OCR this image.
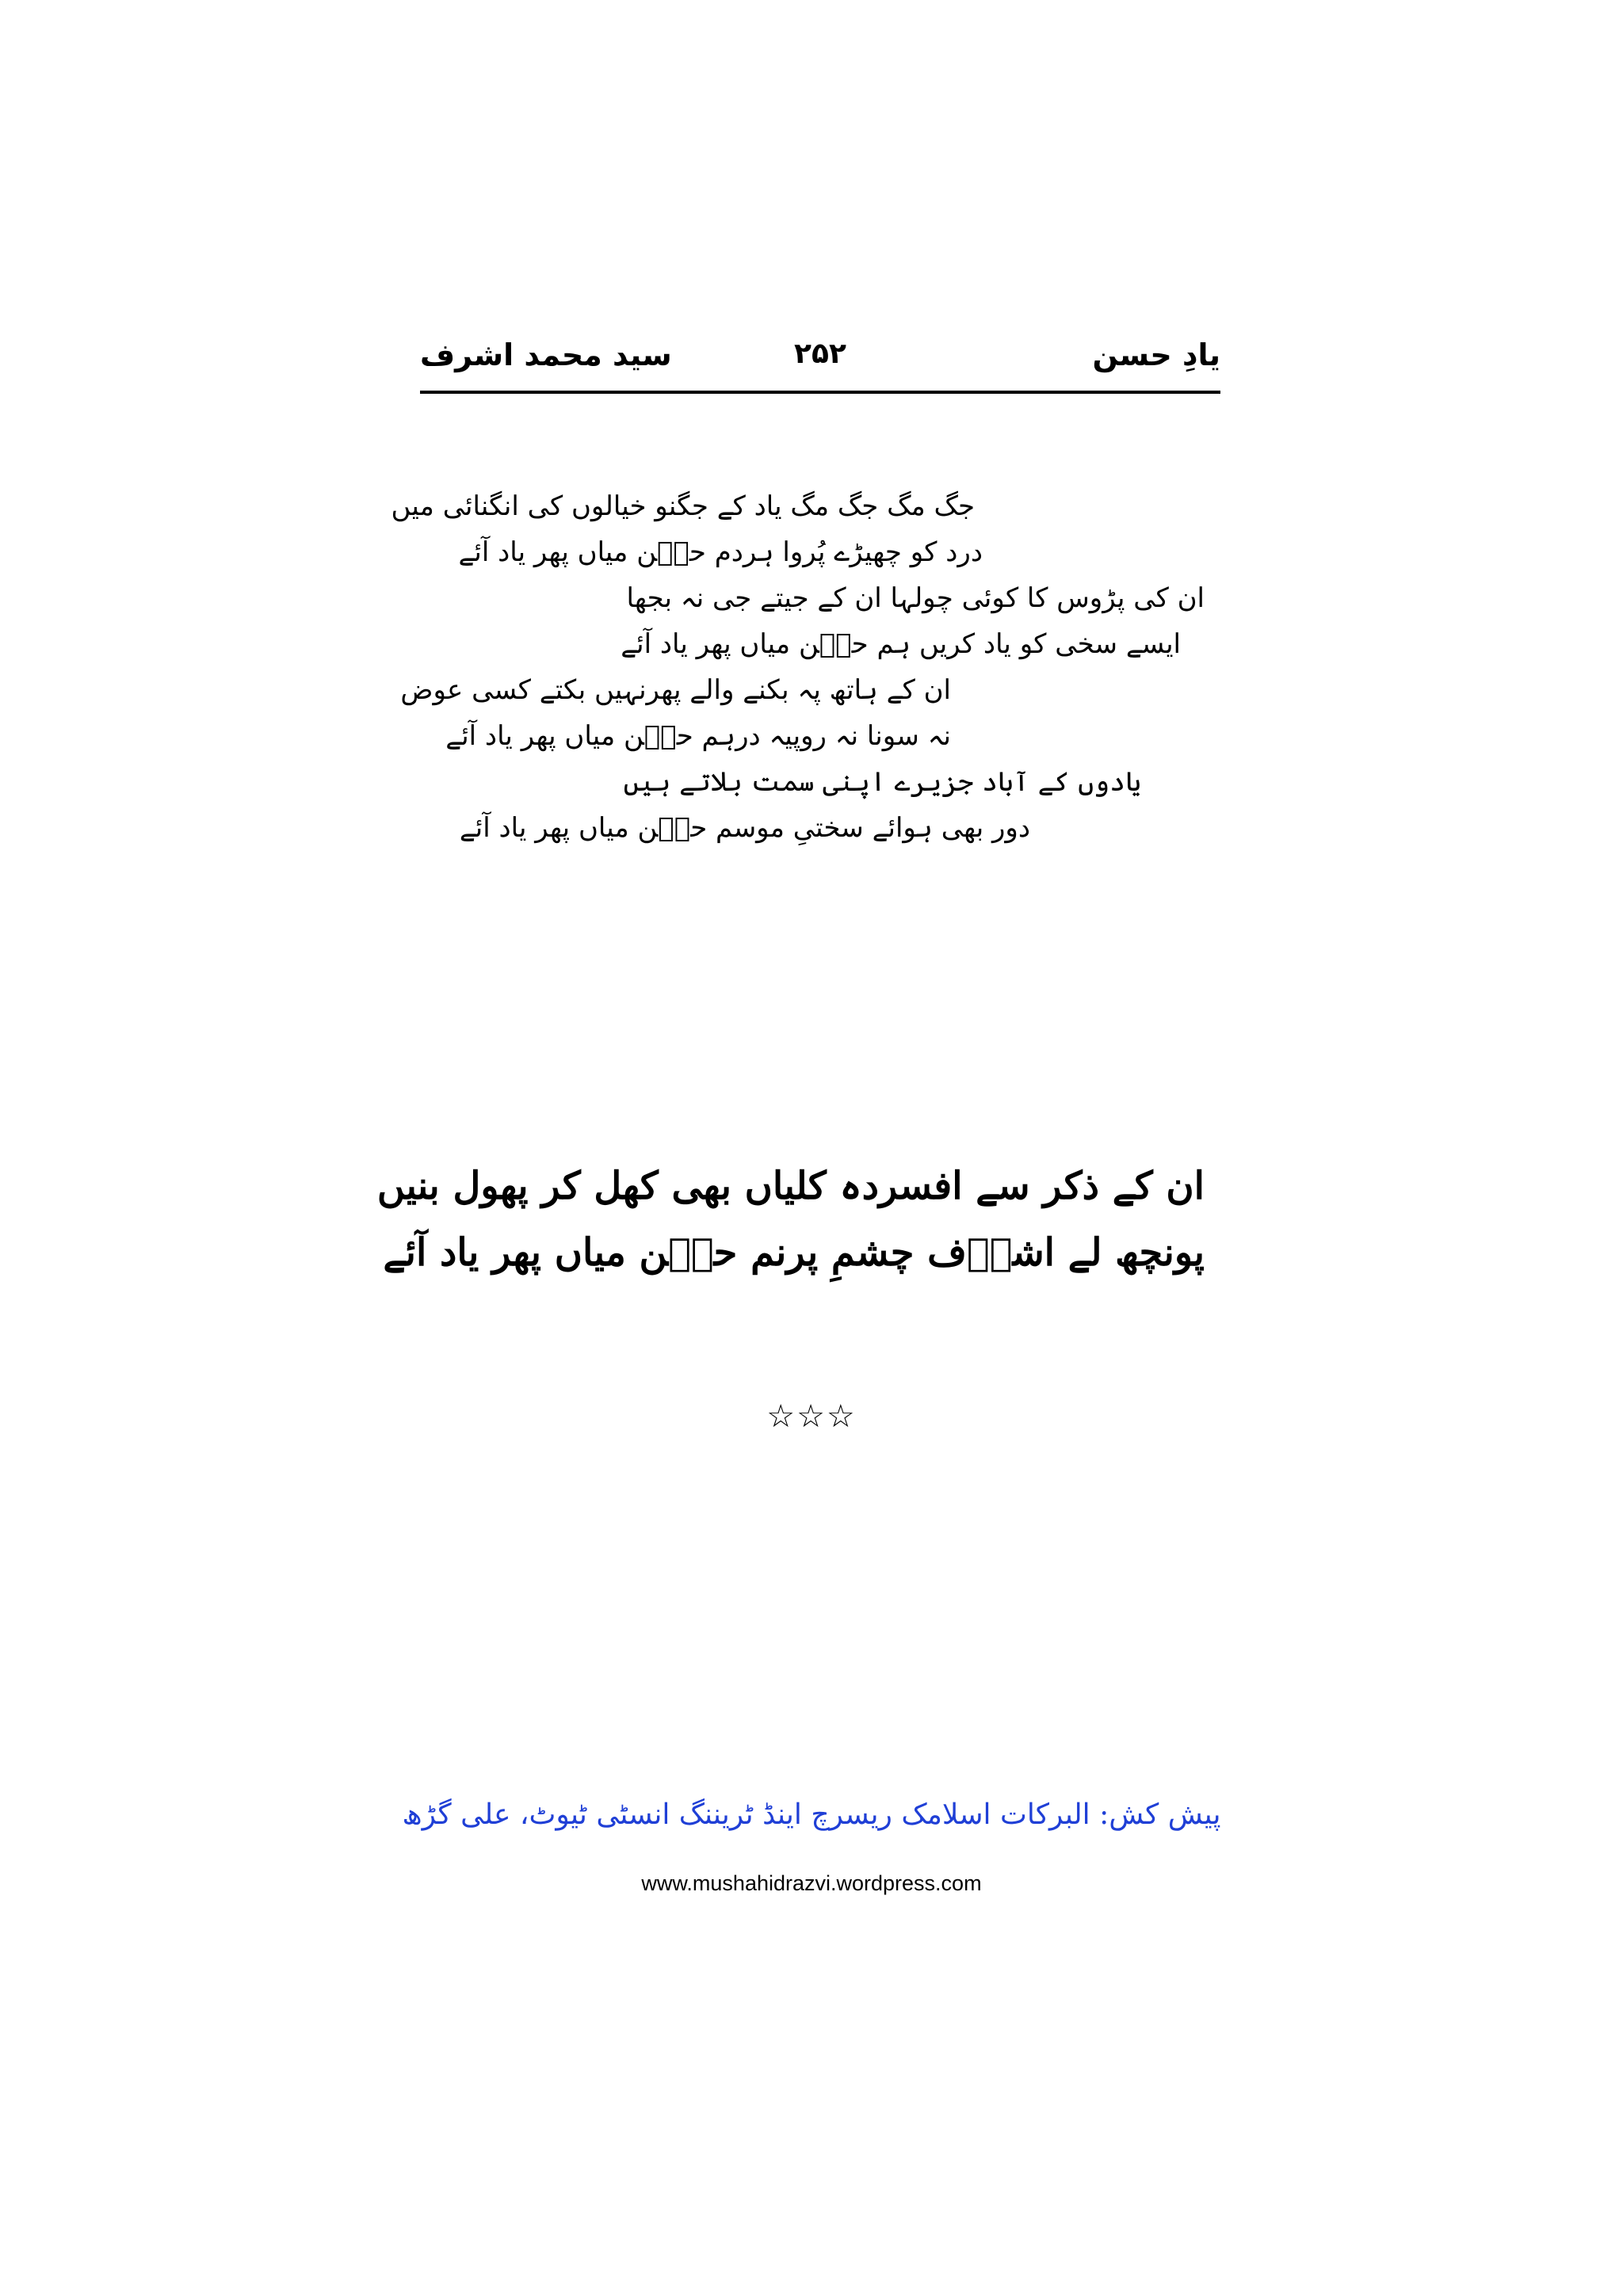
یادِ حسن
۲۵۲
سید محمد اشرف
جگ مگ جگ مگ یاد کے جگنو خیالوں کی انگنائی میں
درد کو چھیڑے پُروا ہردم حسؔن میاں پھر یاد آئے
ان کی پڑوس کا کوئی چولہا ان کے جیتے جی نہ بجھا
ایسے سخی کو یاد کریں ہم حسؔن میاں پھر یاد آئے
ان کے ہاتھ پہ بکنے والے پھرنہیں بکتے کسی عوض
نہ سونا نہ روپیہ درہم حسؔن میاں پھر یاد آئے
یادوں کے آباد جزیرے اپنی سمت بلاتے ہیں
دور بھی ہوائے سختیِ موسم حسؔن میاں پھر یاد آئے
ان کے ذکر سے افسردہ کلیاں بھی کھل کر پھول بنیں
پونچھ لے اشرؔف چشمِ پرنم حسؔن میاں پھر یاد آئے
☆☆☆
پیش کش: البرکات اسلامک ریسرچ اینڈ ٹریننگ انسٹی ٹیوٹ، علی گڑھ
www.mushahidrazvi.wordpress.com
